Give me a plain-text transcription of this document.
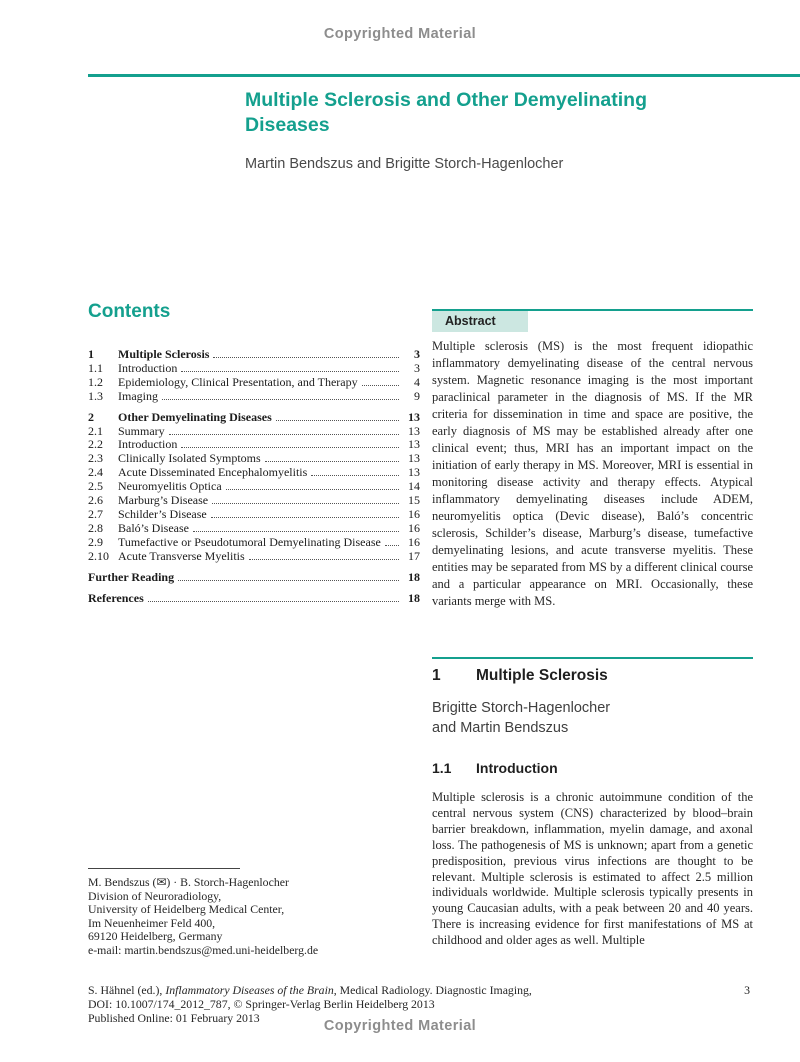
Copyrighted Material
Multiple Sclerosis and Other Demyelinating Diseases
Martin Bendszus and Brigitte Storch-Hagenlocher
Contents
1	Multiple Sclerosis	3
1.1	Introduction	3
1.2	Epidemiology, Clinical Presentation, and Therapy	4
1.3	Imaging	9
2	Other Demyelinating Diseases	13
2.1	Summary	13
2.2	Introduction	13
2.3	Clinically Isolated Symptoms	13
2.4	Acute Disseminated Encephalomyelitis	13
2.5	Neuromyelitis Optica	14
2.6	Marburg’s Disease	15
2.7	Schilder’s Disease	16
2.8	Baló’s Disease	16
2.9	Tumefactive or Pseudotumoral Demyelinating Disease	16
2.10 Acute Transverse Myelitis	17
Further Reading	18
References	18
Abstract
Multiple sclerosis (MS) is the most frequent idiopathic inflammatory demyelinating disease of the central nervous system. Magnetic resonance imaging is the most important paraclinical parameter in the diagnosis of MS. If the MR criteria for dissemination in time and space are positive, the early diagnosis of MS may be established already after one clinical event; thus, MRI has an important impact on the initiation of early therapy in MS. Moreover, MRI is essential in monitoring disease activity and therapy effects. Atypical inflammatory demyelinating diseases include ADEM, neuromyelitis optica (Devic disease), Baló’s concentric sclerosis, Schilder’s disease, Marburg’s disease, tumefactive demyelinating lesions, and acute transverse myelitis. These entities may be separated from MS by a different clinical course and a particular appearance on MRI. Occasionally, these variants merge with MS.
1	Multiple Sclerosis
Brigitte Storch-Hagenlocher
and Martin Bendszus
1.1	Introduction
Multiple sclerosis is a chronic autoimmune condition of the central nervous system (CNS) characterized by blood–brain barrier breakdown, inflammation, myelin damage, and axonal loss. The pathogenesis of MS is unknown; apart from a genetic predisposition, previous virus infections are thought to be relevant. Multiple sclerosis is estimated to affect 2.5 million individuals worldwide. Multiple sclerosis typically presents in young Caucasian adults, with a peak between 20 and 40 years. There is increasing evidence for first manifestations of MS at childhood and older ages as well. Multiple
M. Bendszus (✉) · B. Storch-Hagenlocher
Division of Neuroradiology,
University of Heidelberg Medical Center,
Im Neuenheimer Feld 400,
69120 Heidelberg, Germany
e-mail: martin.bendszus@med.uni-heidelberg.de
S. Hähnel (ed.), Inflammatory Diseases of the Brain, Medical Radiology. Diagnostic Imaging,
DOI: 10.1007/174_2012_787, © Springer-Verlag Berlin Heidelberg 2013
Published Online: 01 February 2013
3
Copyrighted Material
